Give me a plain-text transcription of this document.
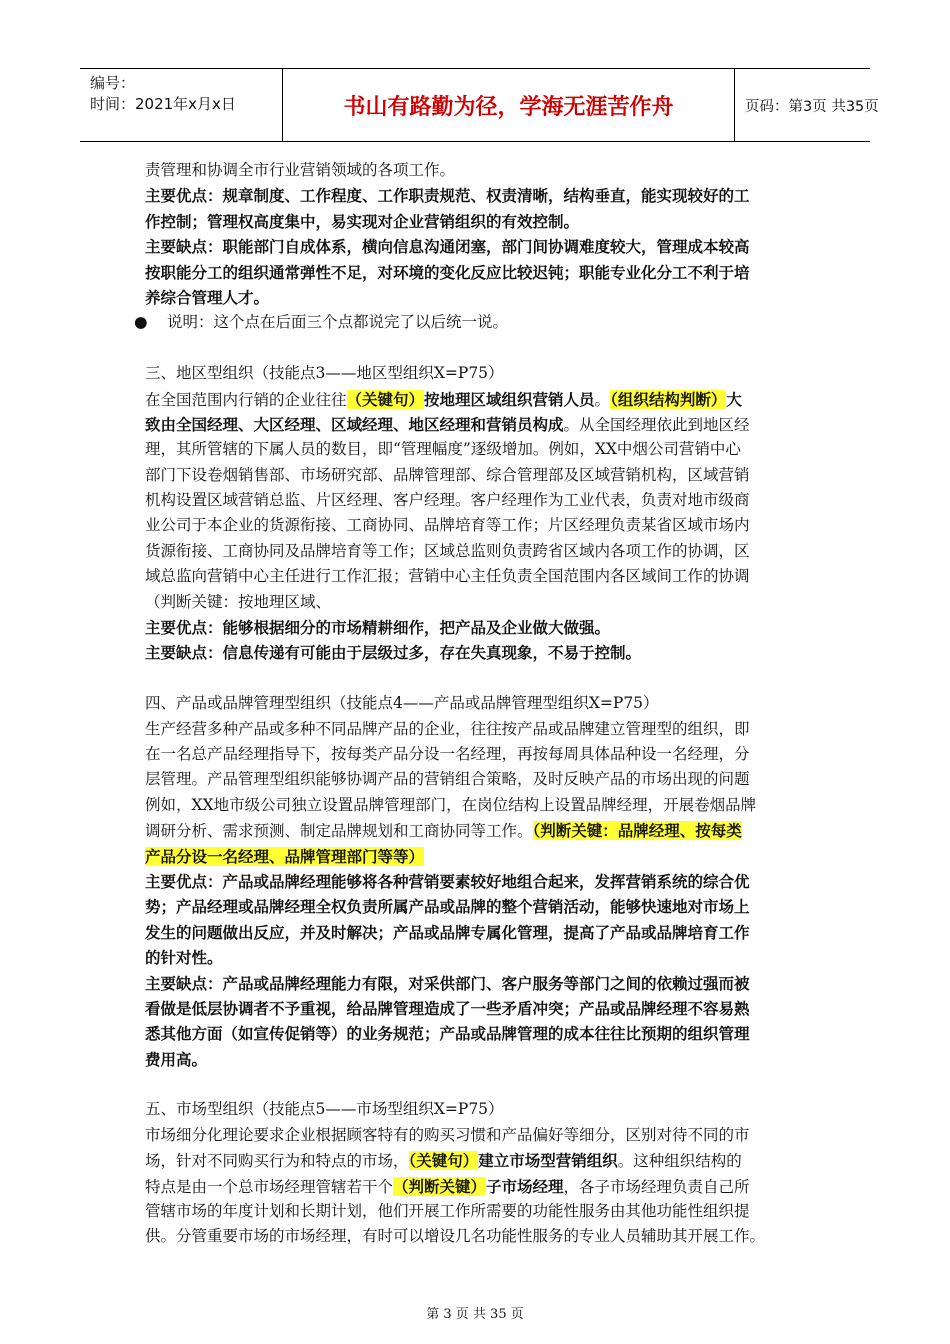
编号：
时间：2021年x月x日	书山有路勤为径，学海无涯苦作舟	页码：第3页 共35页
责管理和协调全市行业营销领域的各项工作。
主要优点：规章制度、工作程度、工作职责规范、权责清晰，结构垂直，能实现较好的工
作控制；管理权高度集中，易实现对企业营销组织的有效控制。
主要缺点：职能部门自成体系，横向信息沟通闭塞，部门间协调难度较大，管理成本较高
按职能分工的组织通常弹性不足，对环境的变化反应比较迟钝；职能专业化分工不利于培
养综合管理人才。
● 说明：这个点在后面三个点都说完了以后统一说。
三、地区型组织（技能点3——地区型组织X=P75）
在全国范围内行销的企业往往（关键句）按地理区域组织营销人员。（组织结构判断）大
致由全国经理、大区经理、区域经理、地区经理和营销员构成。从全国经理依此到地区经
理，其所管辖的下属人员的数目，即“管理幅度”逐级增加。例如，XX中烟公司营销中心
部门下设卷烟销售部、市场研究部、品牌管理部、综合管理部及区域营销机构，区域营销
机构设置区域营销总监、片区经理、客户经理。客户经理作为工业代表，负责对地市级商
业公司于本企业的货源衔接、工商协同、品牌培育等工作；片区经理负责某省区域市场内
货源衔接、工商协同及品牌培育等工作；区域总监则负责跨省区域内各项工作的协调，区
域总监向营销中心主任进行工作汇报；营销中心主任负责全国范围内各区域间工作的协调
（判断关键：按地理区域、
主要优点：能够根据细分的市场精耕细作，把产品及企业做大做强。
主要缺点：信息传递有可能由于层级过多，存在失真现象，不易于控制。
四、产品或品牌管理型组织（技能点4——产品或品牌管理型组织X=P75）
生产经营多种产品或多种不同品牌产品的企业，往往按产品或品牌建立管理型的组织，即
在一名总产品经理指导下，按每类产品分设一名经理，再按每周具体品种设一名经理，分
层管理。产品管理型组织能够协调产品的营销组合策略，及时反映产品的市场出现的问题
例如，XX地市级公司独立设置品牌管理部门，在岗位结构上设置品牌经理，开展卷烟品牌
调研分析、需求预测、制定品牌规划和工商协同等工作。（判断关键：品牌经理、按每类
产品分设一名经理、品牌管理部门等等）
主要优点：产品或品牌经理能够将各种营销要素较好地组合起来，发挥营销系统的综合优
势；产品经理或品牌经理全权负责所属产品或品牌的整个营销活动，能够快速地对市场上
发生的问题做出反应，并及时解决；产品或品牌专属化管理，提高了产品或品牌培育工作
的针对性。
主要缺点：产品或品牌经理能力有限，对采供部门、客户服务等部门之间的依赖过强而被
看做是低层协调者不予重视，给品牌管理造成了一些矛盾冲突；产品或品牌经理不容易熟
悉其他方面（如宣传促销等）的业务规范；产品或品牌管理的成本往往比预期的组织管理
费用高。
五、市场型组织（技能点5——市场型组织X=P75）
市场细分化理论要求企业根据顾客特有的购买习惯和产品偏好等细分，区别对待不同的市
场，针对不同购买行为和特点的市场，（关键句）建立市场型营销组织。这种组织结构的
特点是由一个总市场经理管辖若干个（判断关键）子市场经理，各子市场经理负责自己所
管辖市场的年度计划和长期计划，他们开展工作所需要的功能性服务由其他功能性组织提
供。分管重要市场的市场经理，有时可以增设几名功能性服务的专业人员辅助其开展工作。
第 3 页 共 35 页
